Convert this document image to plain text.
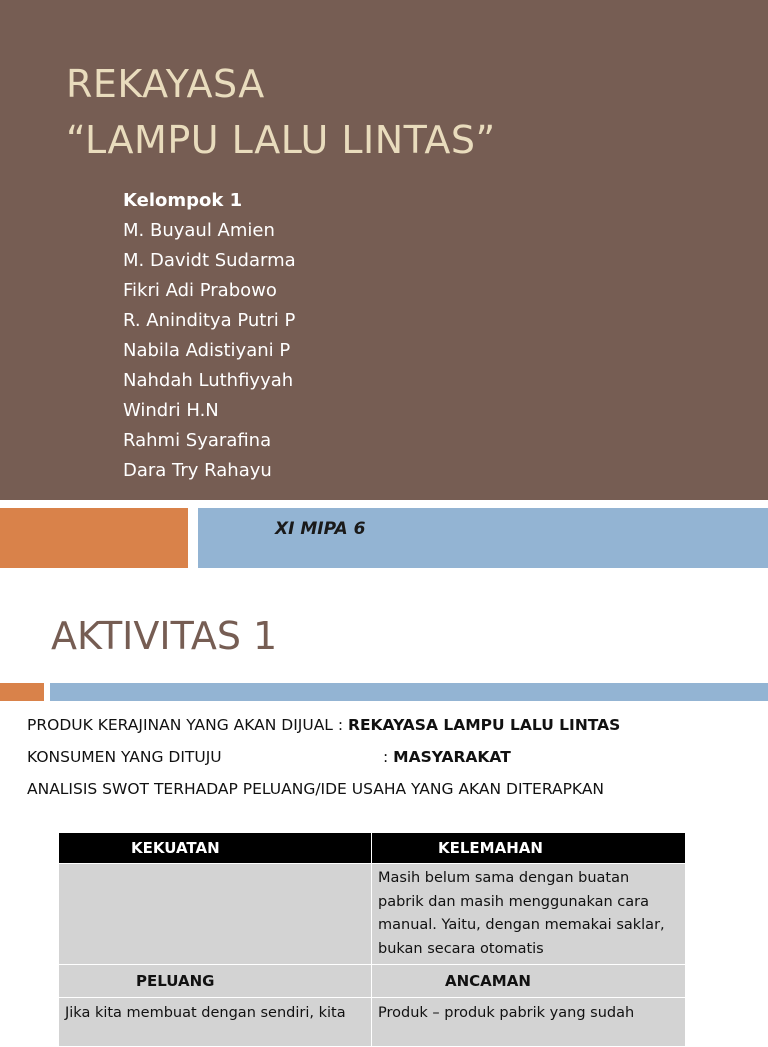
REKAYASA
“LAMPU LALU LINTAS”
Kelompok 1
M. Buyaul Amien
M. Davidt Sudarma
Fikri Adi Prabowo
R. Aninditya Putri P
Nabila Adistiyani P
Nahdah Luthfiyyah
Windri H.N
Rahmi Syarafina
Dara Try Rahayu
XI MIPA 6
AKTIVITAS 1
PRODUK KERAJINAN YANG AKAN DIJUAL : REKAYASA LAMPU LALU LINTAS
KONSUMEN YANG DITUJU	: MASYARAKAT
ANALISIS SWOT TERHADAP PELUANG/IDE USAHA YANG AKAN DITERAPKAN
KEKUATAN	KELEMAHAN
	Masih belum sama dengan buatan pabrik dan masih menggunakan cara manual. Yaitu, dengan memakai saklar, bukan secara otomatis
PELUANG	ANCAMAN
Jika kita membuat dengan sendiri, kita	Produk – produk pabrik yang sudah
